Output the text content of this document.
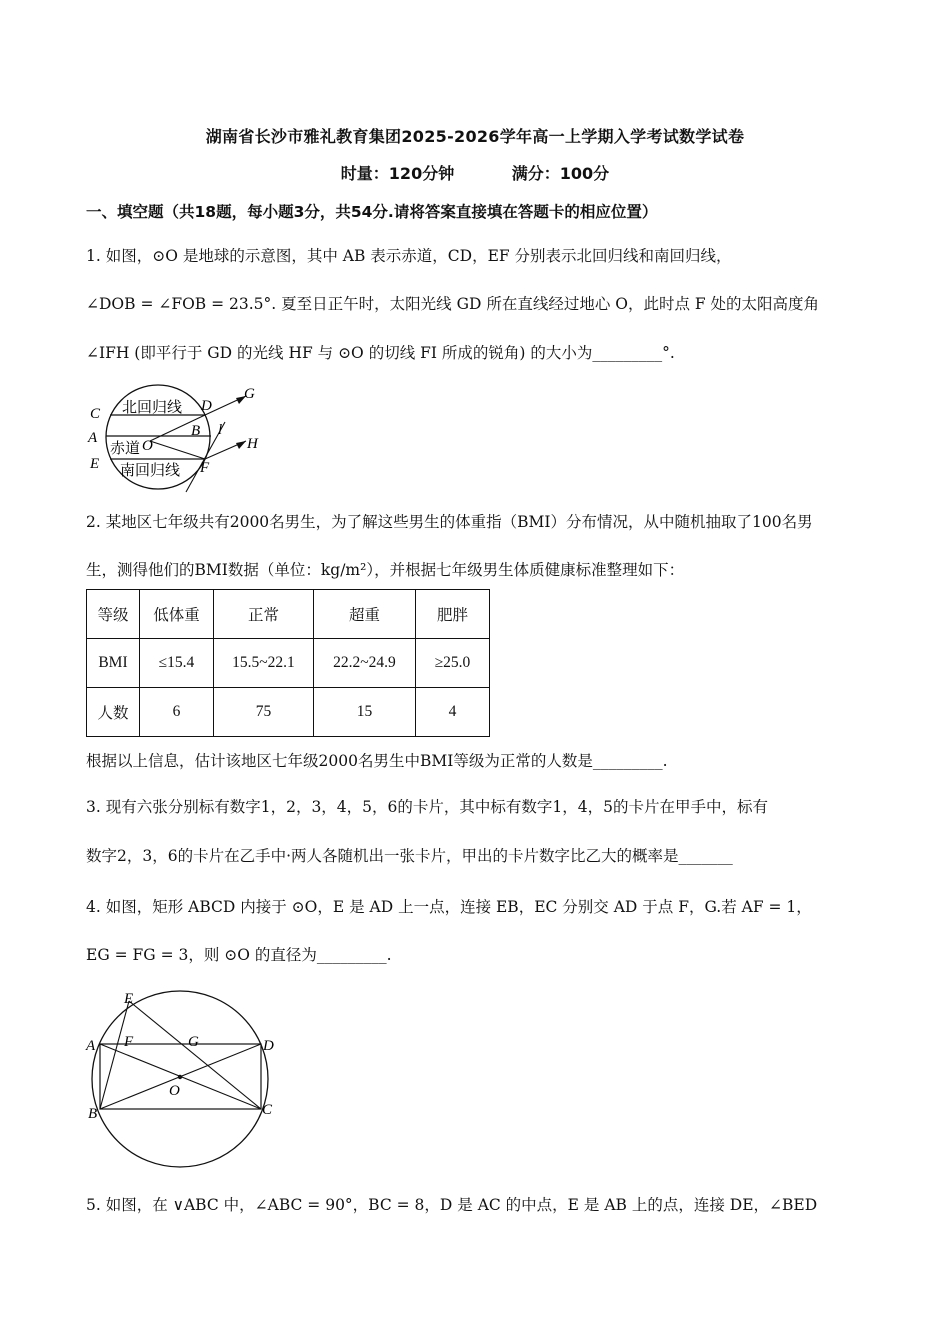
湖南省长沙市雅礼教育集团2025-2026学年高一上学期入学考试数学试卷
时量：120分钟	满分：100分
一、填空题（共18题，每小题3分，共54分.请将答案直接填在答题卡的相应位置）
1. 如图，⊙O 是地球的示意图，其中 AB 表示赤道，CD，EF 分别表示北回归线和南回归线，
∠DOB = ∠FOB = 23.5°. 夏至日正午时，太阳光线 GD 所在直线经过地心 O，此时点 F 处的太阳高度角
∠IFH (即平行于 GD 的光线 HF 与 ⊙O 的切线 FI 所成的锐角) 的大小为_________°.
北回归线
赤道
南回归线
C	D
A	B
O
E	F
G
H
l
2. 某地区七年级共有2000名男生，为了解这些男生的体重指（BMI）分布情况，从中随机抽取了100名男
生，测得他们的BMI数据（单位：kg/m²），并根据七年级男生体质健康标准整理如下：
等级	低体重	正常	超重	肥胖
BMI	≤15.4	15.5~22.1	22.2~24.9	≥25.0
人数	6	75	15	4
根据以上信息，估计该地区七年级2000名男生中BMI等级为正常的人数是_________.
3. 现有六张分别标有数字1，2，3，4，5，6的卡片，其中标有数字1，4，5的卡片在甲手中，标有
数字2，3，6的卡片在乙手中·两人各随机出一张卡片，甲出的卡片数字比乙大的概率是_______
4. 如图，矩形 ABCD 内接于 ⊙O，E 是 AD 上一点，连接 EB，EC 分别交 AD 于点 F，G.若 AF = 1，
EG = FG = 3，则 ⊙O 的直径为_________.
E
A F	G	D
O
B	C
5. 如图，在 ∨ABC 中，∠ABC = 90°，BC = 8，D 是 AC 的中点，E 是 AB 上的点，连接 DE，∠BED
